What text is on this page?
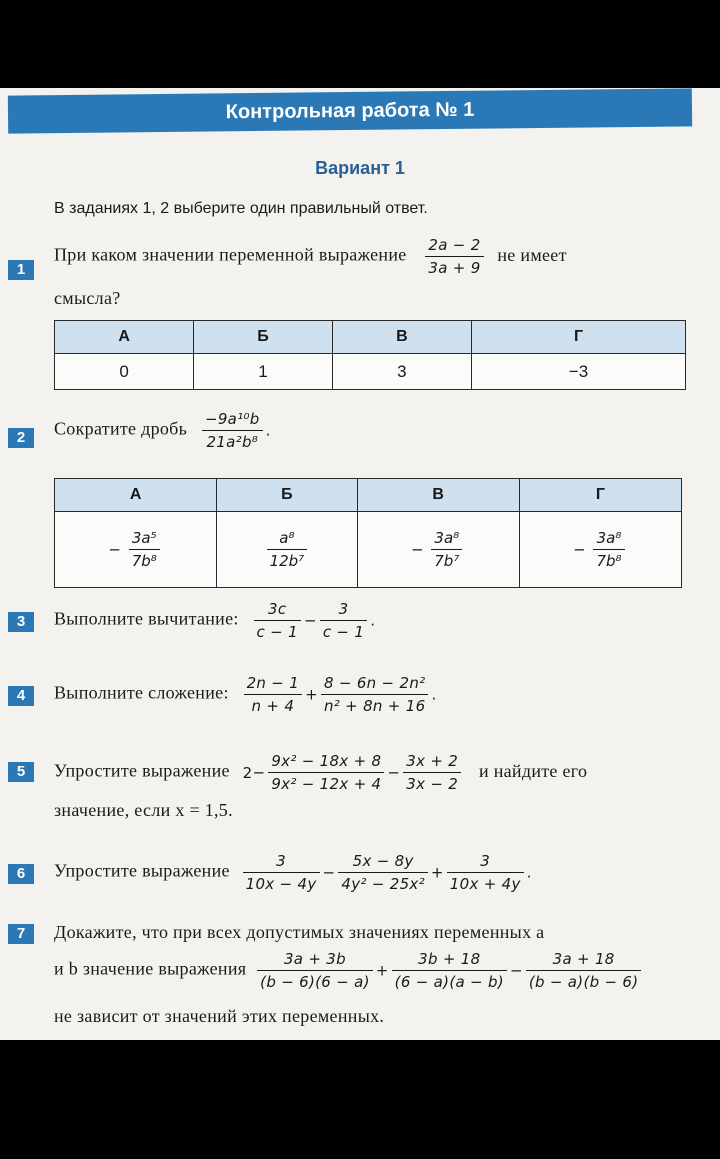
Контрольная работа № 1
Вариант 1
В заданиях 1, 2 выберите один правильный ответ.
1
При каком значении переменной выражение $\frac{2a - 2}{3a + 9}$ не имеет
смысла?
А	Б	В	Г
0	1	3	−3
2	Сократите дробь $\frac{\text{−9a¹⁰b}}{\text{21a²b⁸}}$ .
А	Б	В	Г
− $\frac{\text{3a⁵}}{\text{7b⁸}}$	$\frac{\text{a⁸}}{\text{12b⁷}}$	− $\frac{\text{3a⁸}}{\text{7b⁷}}$	− $\frac{\text{3a⁸}}{\text{7b⁸}}$
3	Выполните вычитание: $\frac{3c}{c - 1} - \frac{3}{c - 1}$ .
4	Выполните сложение: $\frac{2n - 1}{n + 4} + \frac{\text{8 − 6n − 2n²}}{\text{n² + 8n + 16}}$ .
5	Упростите выражение $2- \frac{\text{9x² − 18x + 8}}{\text{9x² − 12x + 4}} - \frac{3x + 2}{3x - 2}$ и найдите его
значение, если x = 1,5.
6	Упростите выражение $\frac{3}{10x - 4y} - \frac{5x - 8y}{\text{4y² − 25x²}} + \frac{3}{10x + 4y}$ .
7	Докажите, что при всех допустимых значениях переменных a
и b значение выражения $\frac{3a + 3b}{(b - 6)(6 - a)} + \frac{3b + 18}{(6 - a)(a - b)} - \frac{3a + 18}{(b - a)(b - 6)}$
не зависит от значений этих переменных.
